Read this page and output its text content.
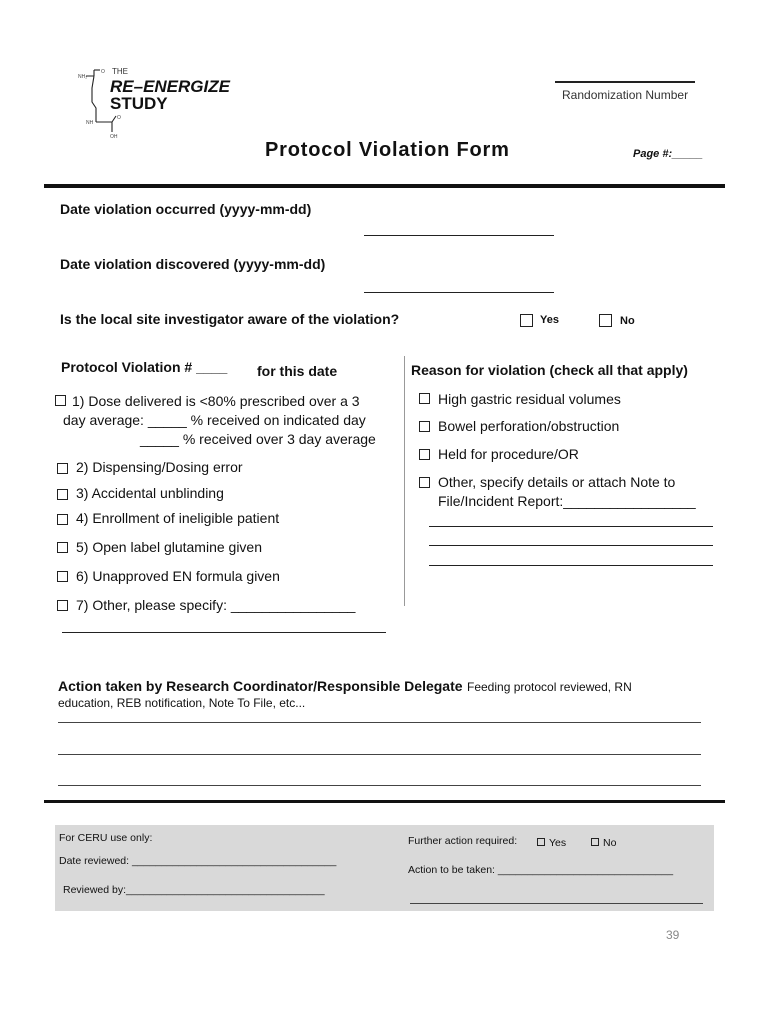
NH₂
O
O
OH
NH
THE
RE–ENERGIZE
STUDY	Randomization Number
Protocol Violation Form	Page #:_____
Date violation occurred (yyyy-mm-dd)
Date violation discovered (yyyy-mm-dd)
Is the local site investigator aware of the violation?	Yes	No
Protocol Violation # ____ for this date
1) Dose delivered is <80% prescribed over a 3
day average: _____ % received on indicated day
_____ % received over 3 day average
2) Dispensing/Dosing error
3) Accidental unblinding
4) Enrollment of ineligible patient
5) Open label glutamine given
6) Unapproved EN formula given
7) Other, please specify: ________________
Reason for violation (check all that apply)
High gastric residual volumes
Bowel perforation/obstruction
Held for procedure/OR
Other, specify details or attach Note to
File/Incident Report:_________________
Action taken by Research Coordinator/Responsible Delegate Feeding protocol reviewed, RN
education, REB notification, Note To File, etc...
For CERU use only:
Date reviewed: ___________________________________
Reviewed by:__________________________________
Further action required:	Yes	No
Action to be taken: ______________________________
39
